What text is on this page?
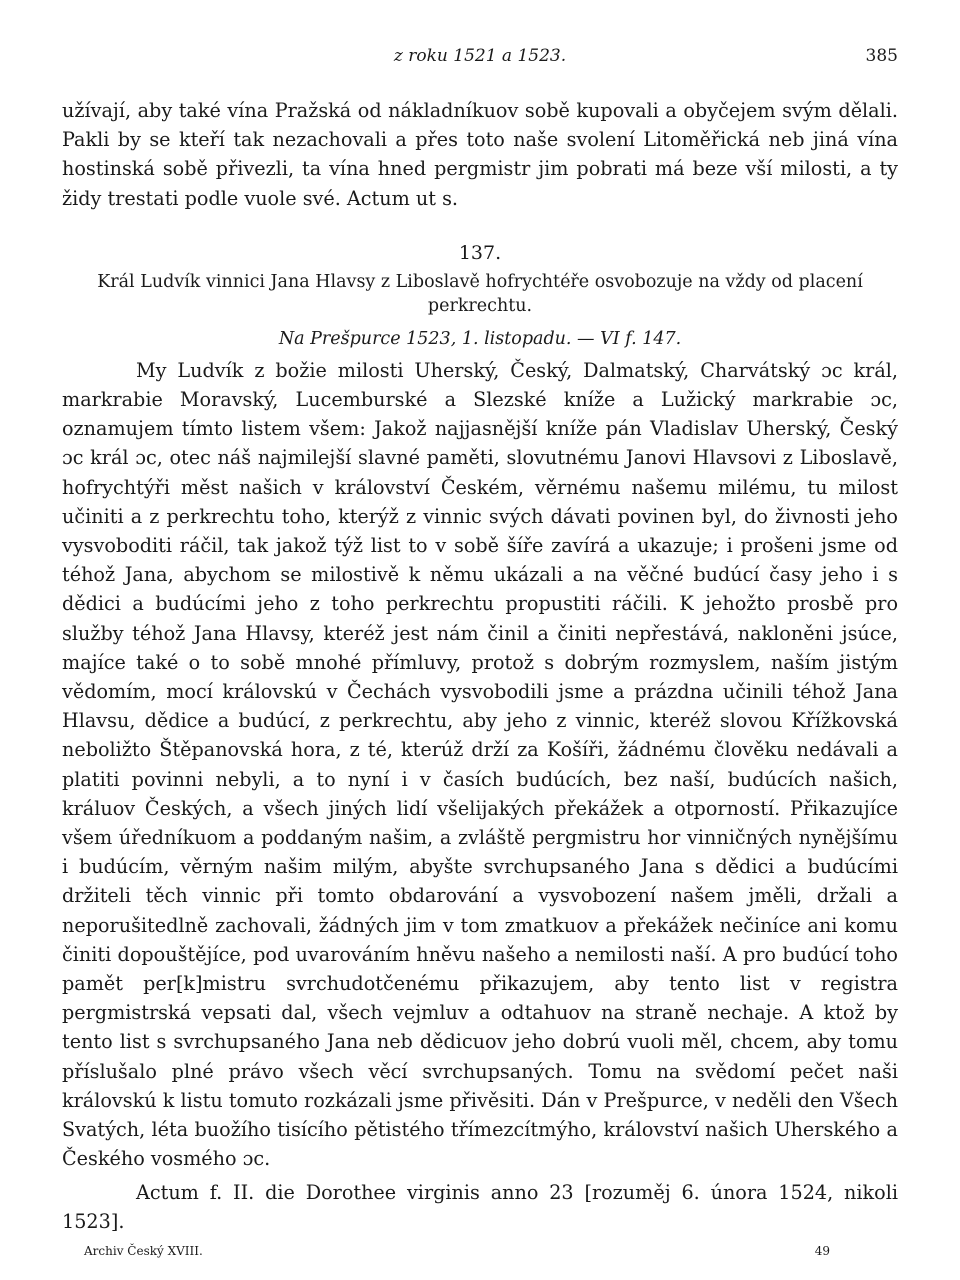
z roku 1521 a 1523.	385

užívají, aby také vína Pražská od nákladníkuov sobě kupovali a obyčejem svým dělali. Pakli by se kteří tak nezachovali a přes toto naše svolení Litoměřická neb jiná vína hostinská sobě přivezli, ta vína hned pergmistr jim pobrati má beze vší milosti, a ty židy trestati podle vuole své. Actum ut s.

137.
Král Ludvík vinnici Jana Hlavsy z Liboslavě hofrychtéře osvobozuje na vždy od placení perkrechtu.
Na Prešpurce 1523, 1. listopadu. — VI f. 147.

My Ludvík z božie milosti Uherský, Český, Dalmatský, Charvátský ɔc král, markrabie Moravský, Lucemburské a Slezské kníže a Lužický markrabie ɔc, oznamujem tímto listem všem: Jakož najjasnější kníže pán Vladislav Uherský, Český ɔc král ɔc, otec náš najmilejší slavné paměti, slovutnému Janovi Hlavsovi z Liboslavě, hofrychtýři měst našich v království Českém, věrnému našemu milému, tu milost učiniti a z perkrechtu toho, kterýž z vinnic svých dávati povinen byl, do živnosti jeho vysvoboditi ráčil, tak jakož týž list to v sobě šíře zavírá a ukazuje; i prošeni jsme od téhož Jana, abychom se milostivě k němu ukázali a na věčné budúcí časy jeho i s dědici a budúcími jeho z toho perkrechtu propustiti ráčili. K jehožto prosbě pro služby téhož Jana Hlavsy, kteréž jest nám činil a činiti nepřestává, nakloněni jsúce, majíce také o to sobě mnohé přímluvy, protož s dobrým rozmyslem, naším jistým vědomím, mocí královskú v Čechách vysvobodili jsme a prázdna učinili téhož Jana Hlavsu, dědice a budúcí, z perkrechtu, aby jeho z vinnic, kteréž slovou Křížkovská neboližto Štěpanovská hora, z té, kterúž drží za Košíři, žádnému člověku nedávali a platiti povinni nebyli, a to nyní i v časích budúcích, bez naší, budúcích našich, králuov Českých, a všech jiných lidí všelijakých překážek a otporností. Přikazujíce všem úředníkuom a poddaným našim, a zvláště pergmistru hor vinničných nynějšímu i budúcím, věrným našim milým, abyšte svrchupsaného Jana s dědici a budúcími držiteli těch vinnic při tomto obdarování a vysvobození našem jměli, držali a neporušitedlně zachovali, žádných jim v tom zmatkuov a překážek nečiníce ani komu činiti dopouštějíce, pod uvarováním hněvu našeho a nemilosti naší. A pro budúcí toho pamět per[k]mistru svrchudotčenému přikazujem, aby tento list v registra pergmistrská vepsati dal, všech vejmluv a odtahuov na straně nechaje. A ktož by tento list s svrchupsaného Jana neb dědicuov jeho dobrú vuoli měl, chcem, aby tomu příslušalo plné právo všech věcí svrchupsaných. Tomu na svědomí pečet naši královskú k listu tomuto rozkázali jsme přivěsiti. Dán v Prešpurce, v neděli den Všech Svatých, léta buožího tisícího pětistého třímezcítmýho, království našich Uherského a Českého vosmého ɔc.

Actum f. II. die Dorothee virginis anno 23 [rozuměj 6. února 1524, nikoli 1523].

Archiv Český XVIII.	49
